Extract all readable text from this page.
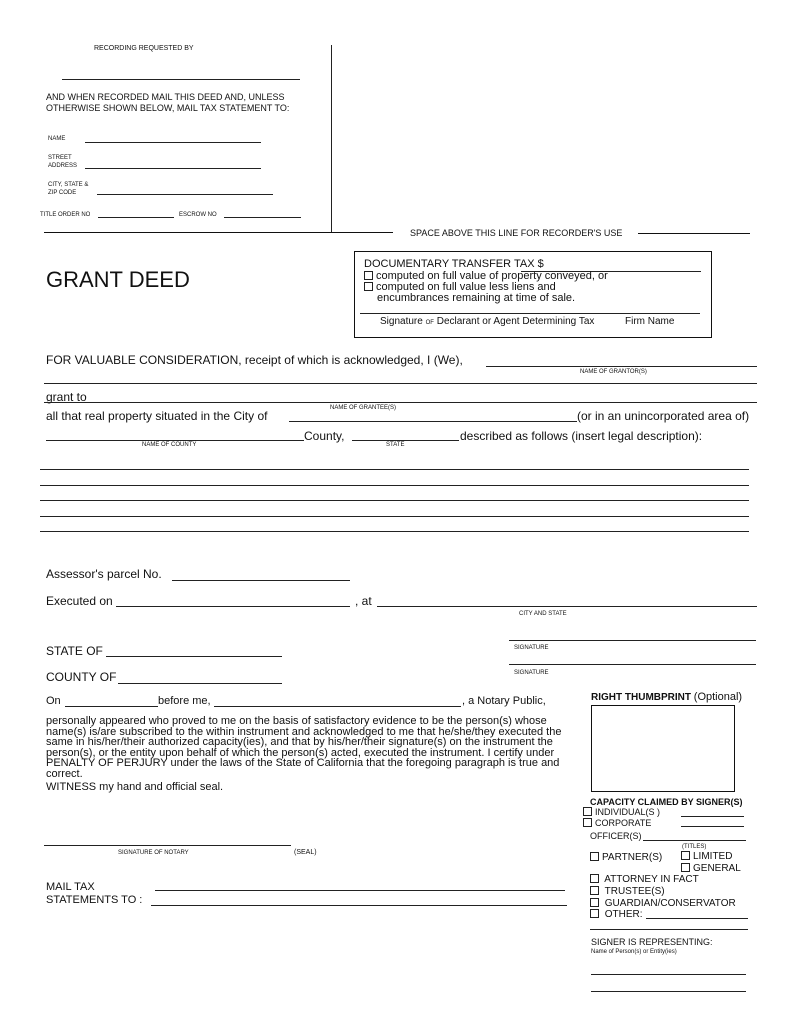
RECORDING REQUESTED BY
AND WHEN RECORDED MAIL THIS DEED AND, UNLESS
OTHERWISE SHOWN BELOW, MAIL TAX STATEMENT TO:
NAME
STREET
ADDRESS
CITY, STATE &
ZIP CODE
TITLE ORDER NO	ESCROW NO
SPACE ABOVE THIS LINE FOR RECORDER'S USE
GRANT DEED
DOCUMENTARY TRANSFER TAX $
computed on full value of property conveyed, or
computed on full value less liens and
encumbrances remaining at time of sale.
Signature OF Declarant or Agent Determining Tax	Firm Name
FOR VALUABLE CONSIDERATION, receipt of which is acknowledged, I (We),
NAME OF GRANTOR(S)
grant to
NAME OF GRANTEE(S)
all that real property situated in the City of	(or in an unincorporated area of)
County,
NAME OF COUNTY	STATE
described as follows (insert legal description):
Assessor's parcel No.
Executed on	, at
CITY AND STATE
SIGNATURE
SIGNATURE
STATE OF
COUNTY OF
On	before me,	, a Notary Public,
personally appeared who proved to me on the basis of satisfactory evidence to be the person(s) whose name(s) is/are subscribed to the within instrument and acknowledged to me that he/she/they executed the same in his/her/their authorized capacity(ies), and that by his/her/their signature(s) on the instrument the person(s), or the entity upon behalf of which the person(s) acted, executed the instrument. I certify under PENALTY OF PERJURY under the laws of the State of California that the foregoing paragraph is true and correct.
WITNESS my hand and official seal.
SIGNATURE OF NOTARY	(SEAL)
MAIL TAX
STATEMENTS TO :
RIGHT THUMBPRINT (Optional)
CAPACITY CLAIMED BY SIGNER(S)
INDIVIDUAL(S )
CORPORATE
OFFICER(S)
(TITLES)
PARTNER(S)	LIMITED
GENERAL
ATTORNEY IN FACT
TRUSTEE(S)
GUARDIAN/CONSERVATOR
OTHER:
SIGNER IS REPRESENTING:
Name of Person(s) or Entity(ies)
